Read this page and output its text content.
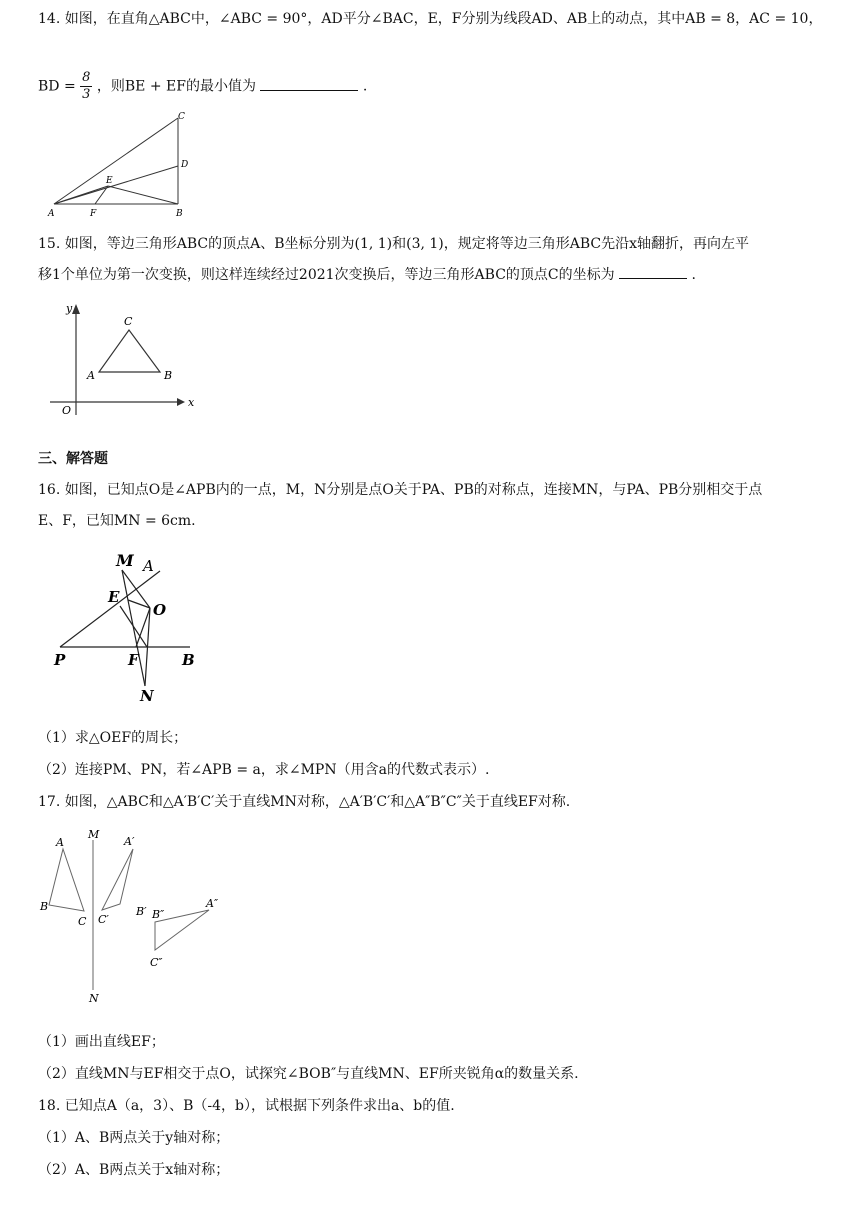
14. 如图，在直角△ABC中，∠ABC = 90°，AD平分∠BAC，E，F分别为线段AD、AB上的动点，其中AB = 8，AC = 10，
BD = $\frac{8}{3}$ ，则BE + EF的最小值为	.
A	F	B
C
D
E
15. 如图，等边三角形ABC的顶点A、B坐标分别为(1, 1)和(3, 1)，规定将等边三角形ABC先沿x轴翻折，再向左平
移1个单位为第一次变换，则这样连续经过2021次变换后，等边三角形ABC的顶点C的坐标为	.
y
x
O
A	B
C
三、解答题
16. 如图，已知点O是∠APB内的一点，M，N分别是点O关于PA、PB的对称点，连接MN，与PA、PB分别相交于点
E、F，已知MN = 6cm.
M A
E
O
P	F	B
N
（1）求△OEF的周长；
（2）连接PM、PN，若∠APB = a，求∠MPN（用含a的代数式表示）.
17. 如图，△ABC和△A′B′C′关于直线MN对称，△A′B′C′和△A″B″C″关于直线EF对称.
M
N
A
B
C
A′
B′
C′
A″
B″
C″
（1）画出直线EF；
（2）直线MN与EF相交于点O，试探究∠BOB″与直线MN、EF所夹锐角α的数量关系.
18. 已知点A（a，3）、B（-4，b），试根据下列条件求出a、b的值.
（1）A、B两点关于y轴对称；
（2）A、B两点关于x轴对称；
